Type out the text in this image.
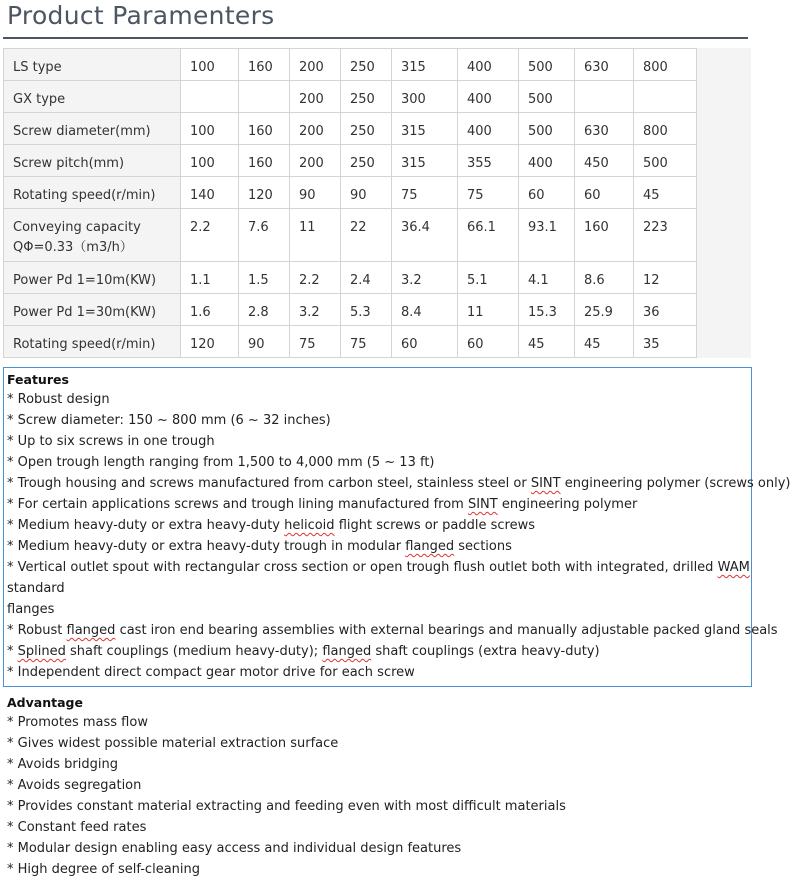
Product Paramenters
LS type	100	160	200	250	315	400	500	630	800

GX type			200	250	300	400	500		

Screw diameter(mm)	100	160	200	250	315	400	500	630	800

Screw pitch(mm)	100	160	200	250	315	355	400	450	500

Rotating speed(r/min)	140	120	90	90	75	75	60	60	45

Conveying capacity
QΦ=0.33（m3/h）	2.2	7.6	11	22	36.4	66.1	93.1	160	223

Power Pd 1=10m(KW)	1.1	1.5	2.2	2.4	3.2	5.1	4.1	8.6	12

Power Pd 1=30m(KW)	1.6	2.8	3.2	5.3	8.4	11	15.3	25.9	36

Rotating speed(r/min)	120	90	75	75	60	60	45	45	35
Features
* Robust design
* Screw diameter: 150 ~ 800 mm (6 ~ 32 inches)
* Up to six screws in one trough
* Open trough length ranging from 1,500 to 4,000 mm (5 ~ 13 ft)
* Trough housing and screws manufactured from carbon steel, stainless steel or SINT engineering polymer (screws only)
* For certain applications screws and trough lining manufactured from SINT engineering polymer
* Medium heavy-duty or extra heavy-duty helicoid flight screws or paddle screws
* Medium heavy-duty or extra heavy-duty trough in modular flanged sections
* Vertical outlet spout with rectangular cross section or open trough flush outlet both with integrated, drilled WAM
standard
flanges
* Robust flanged cast iron end bearing assemblies with external bearings and manually adjustable packed gland seals
* Splined shaft couplings (medium heavy-duty); flanged shaft couplings (extra heavy-duty)
* Independent direct compact gear motor drive for each screw
Advantage
* Promotes mass flow
* Gives widest possible material extraction surface
* Avoids bridging
* Avoids segregation
* Provides constant material extracting and feeding even with most difficult materials
* Constant feed rates
* Modular design enabling easy access and individual design features
* High degree of self-cleaning
